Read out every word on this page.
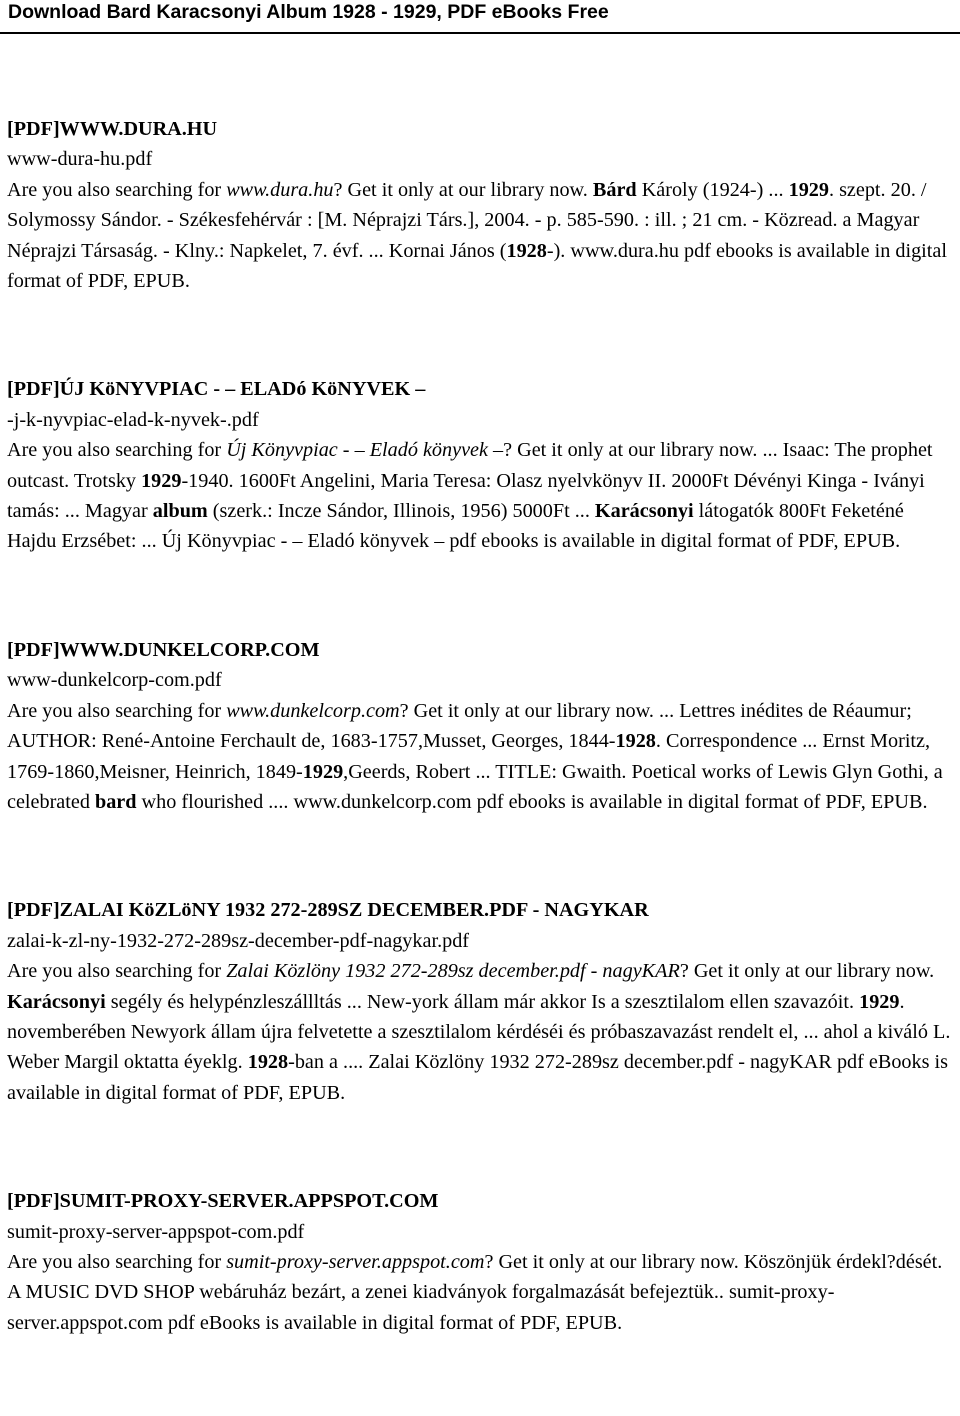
Download Bard Karacsonyi Album 1928 - 1929, PDF eBooks Free
[PDF]WWW.DURA.HU
www-dura-hu.pdf
Are you also searching for www.dura.hu? Get it only at our library now. Bárd Károly (1924-) ... 1929. szept. 20. / Solymossy Sándor. - Székesfehérvár : [M. Néprajzi Társ.], 2004. - p. 585-590. : ill. ; 21 cm. - Közread. a Magyar Néprajzi Társaság. - Klny.: Napkelet, 7. évf. ... Kornai János (1928-). www.dura.hu pdf ebooks is available in digital format of PDF, EPUB.
[PDF]ÚJ KöNYVPIAC - – ELADó KöNYVEK –
-j-k-nyvpiac-elad-k-nyvek-.pdf
Are you also searching for Új Könyvpiac - – Eladó könyvek –? Get it only at our library now. ... Isaac: The prophet outcast. Trotsky 1929-1940. 1600Ft Angelini, Maria Teresa: Olasz nyelvkönyv II. 2000Ft Dévényi Kinga - Iványi tamás: ... Magyar album (szerk.: Incze Sándor, Illinois, 1956) 5000Ft ... Karácsonyi látogatók 800Ft Feketéné Hajdu Erzsébet: ... Új Könyvpiac - – Eladó könyvek – pdf ebooks is available in digital format of PDF, EPUB.
[PDF]WWW.DUNKELCORP.COM
www-dunkelcorp-com.pdf
Are you also searching for www.dunkelcorp.com? Get it only at our library now. ... Lettres inédites de Réaumur; AUTHOR: René-Antoine Ferchault de, 1683-1757,Musset, Georges, 1844-1928. Correspondence ... Ernst Moritz, 1769-1860,Meisner, Heinrich, 1849-1929,Geerds, Robert ... TITLE: Gwaith. Poetical works of Lewis Glyn Gothi, a celebrated bard who flourished .... www.dunkelcorp.com pdf ebooks is available in digital format of PDF, EPUB.
[PDF]ZALAI KöZLöNY 1932 272-289SZ DECEMBER.PDF - NAGYKAR
zalai-k-zl-ny-1932-272-289sz-december-pdf-nagykar.pdf
Are you also searching for Zalai Közlöny 1932 272-289sz december.pdf - nagyKAR? Get it only at our library now. Karácsonyi segély és helypénzleszállltás ... New-york állam már akkor Is a szesztilalom ellen szavazóit. 1929. novemberében Newyork állam újra felvetette a szesztilalom kérdéséi és próbaszavazást rendelt el, ... ahol a kiváló L. Weber Margil oktatta éyeklg. 1928-ban a .... Zalai Közlöny 1932 272-289sz december.pdf - nagyKAR pdf eBooks is available in digital format of PDF, EPUB.
[PDF]SUMIT-PROXY-SERVER.APPSPOT.COM
sumit-proxy-server-appspot-com.pdf
Are you also searching for sumit-proxy-server.appspot.com? Get it only at our library now. Köszönjük érdekl?dését. A MUSIC DVD SHOP webáruház bezárt, a zenei kiadványok forgalmazását befejeztük.. sumit-proxy-server.appspot.com pdf eBooks is available in digital format of PDF, EPUB.
